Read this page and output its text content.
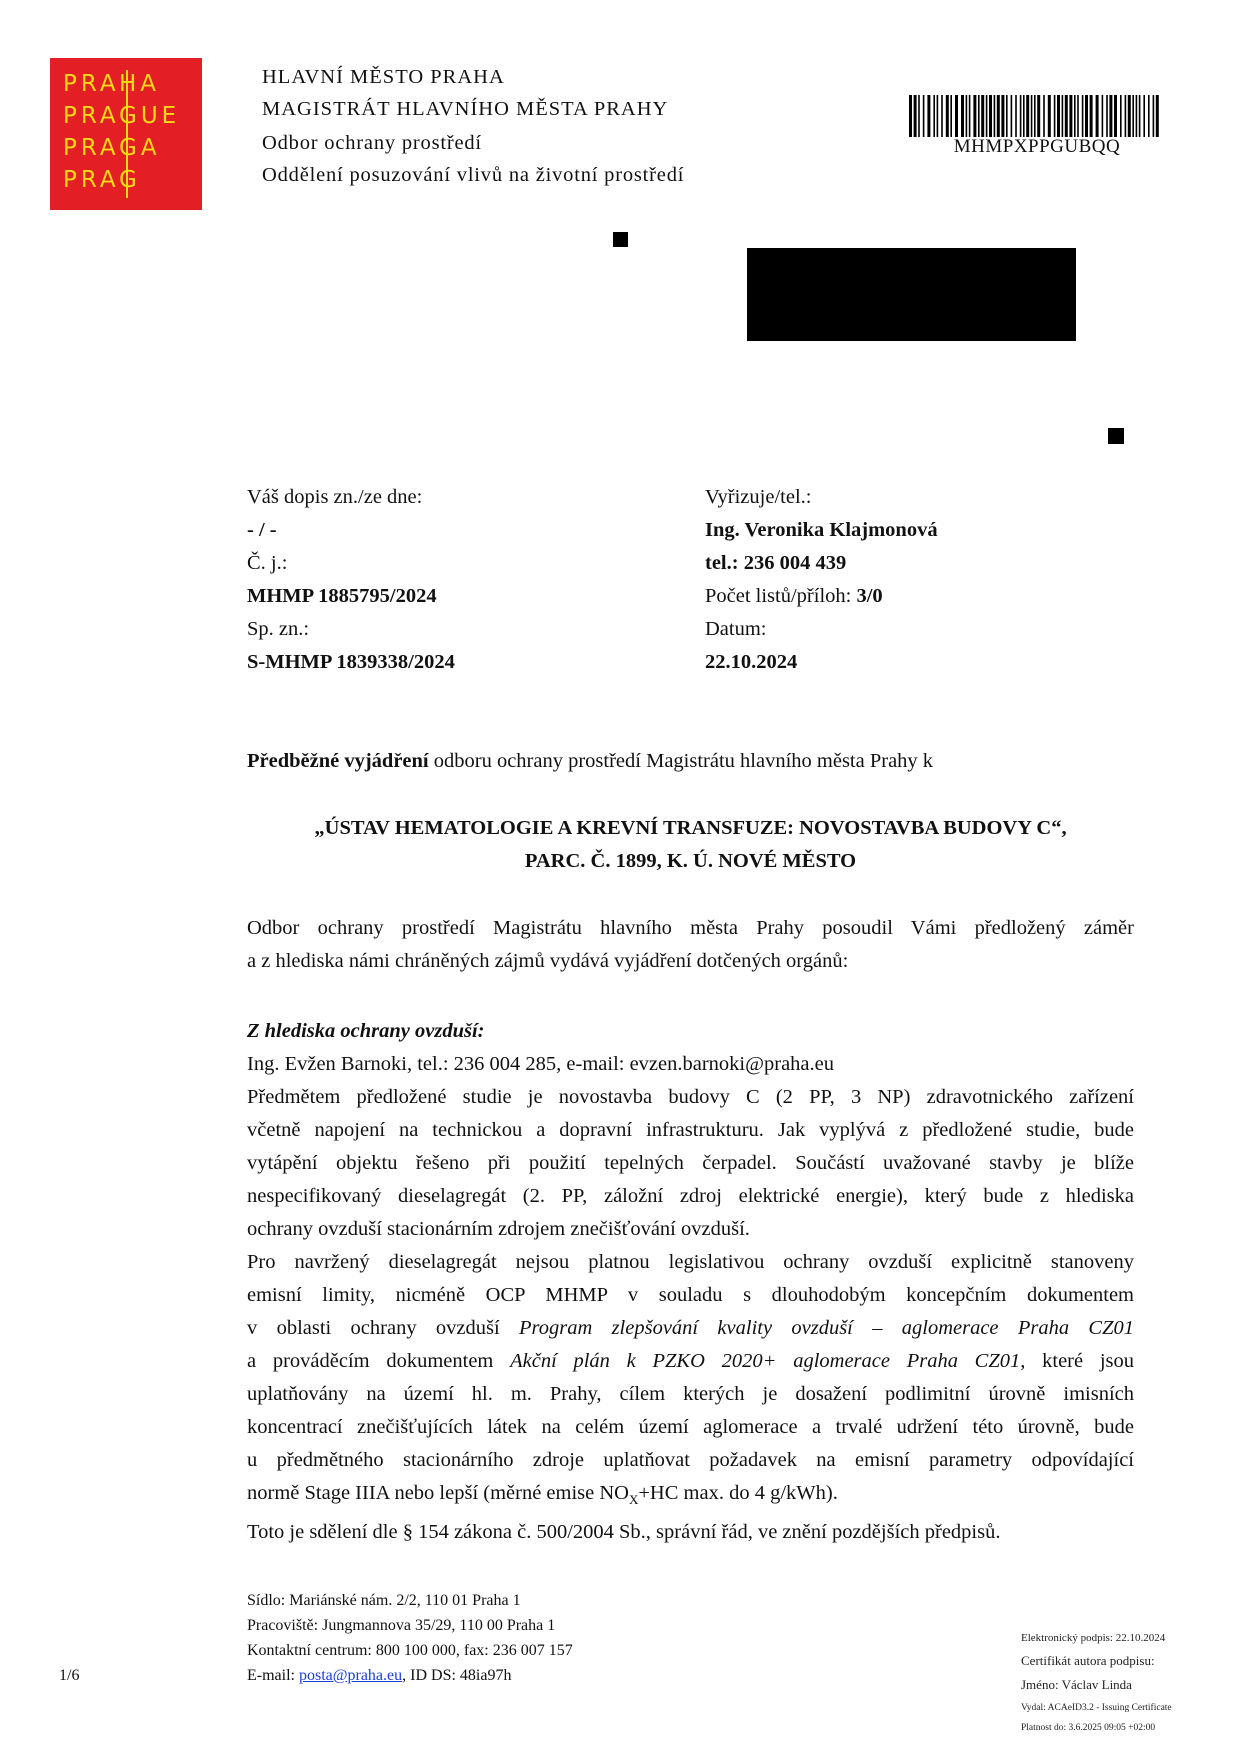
PRAHA
PRAGUE
PRAGA
PRAG
HLAVNÍ MĚSTO PRAHA
MAGISTRÁT HLAVNÍHO MĚSTA PRAHY
Odbor ochrany prostředí
Oddělení posuzování vlivů na životní prostředí
MHMPXPPGUBQQ
Váš dopis zn./ze dne:
- / -
Č. j.:
MHMP 1885795/2024
Sp. zn.:
S-MHMP 1839338/2024
Vyřizuje/tel.:
Ing. Veronika Klajmonová
tel.: 236 004 439
Počet listů/příloh: 3/0
Datum:
22.10.2024
Předběžné vyjádření odboru ochrany prostředí Magistrátu hlavního města Prahy k
„ÚSTAV HEMATOLOGIE A KREVNÍ TRANSFUZE: NOVOSTAVBA BUDOVY C“,
PARC. Č. 1899, K. Ú. NOVÉ MĚSTO
Odbor ochrany prostředí Magistrátu hlavního města Prahy posoudil Vámi předložený záměr
a z hlediska námi chráněných zájmů vydává vyjádření dotčených orgánů:
Z hlediska ochrany ovzduší:
Ing. Evžen Barnoki, tel.: 236 004 285, e-mail: evzen.barnoki@praha.eu
Předmětem předložené studie je novostavba budovy C (2 PP, 3 NP) zdravotnického zařízení
včetně napojení na technickou a dopravní infrastrukturu. Jak vyplývá z předložené studie, bude
vytápění objektu řešeno při použití tepelných čerpadel. Součástí uvažované stavby je blíže
nespecifikovaný dieselagregát (2. PP, záložní zdroj elektrické energie), který bude z hlediska
ochrany ovzduší stacionárním zdrojem znečišťování ovzduší.
Pro navržený dieselagregát nejsou platnou legislativou ochrany ovzduší explicitně stanoveny
emisní limity, nicméně OCP MHMP v souladu s dlouhodobým koncepčním dokumentem
v oblasti ochrany ovzduší Program zlepšování kvality ovzduší – aglomerace Praha CZ01
a prováděcím dokumentem Akční plán k PZKO 2020+ aglomerace Praha CZ01, které jsou
uplatňovány na území hl. m. Prahy, cílem kterých je dosažení podlimitní úrovně imisních
koncentrací znečišťujících látek na celém území aglomerace a trvalé udržení této úrovně, bude
u předmětného stacionárního zdroje uplatňovat požadavek na emisní parametry odpovídající
normě Stage IIIA nebo lepší (měrné emise $NO_X+HC$ max. do 4 g/kWh).
Toto je sdělení dle § 154 zákona č. 500/2004 Sb., správní řád, ve znění pozdějších předpisů.
Sídlo: Mariánské nám. 2/2, 110 01 Praha 1
Pracoviště: Jungmannova 35/29, 110 00 Praha 1
Kontaktní centrum: 800 100 000, fax: 236 007 157
E-mail: posta@praha.eu, ID DS: 48ia97h
1/6
Elektronický podpis: 22.10.2024
Certifikát autora podpisu:
Jméno: Václav Linda
Vydal: ACAeID3.2 - Issuing Certificate
Platnost do: 3.6.2025 09:05 +02:00
